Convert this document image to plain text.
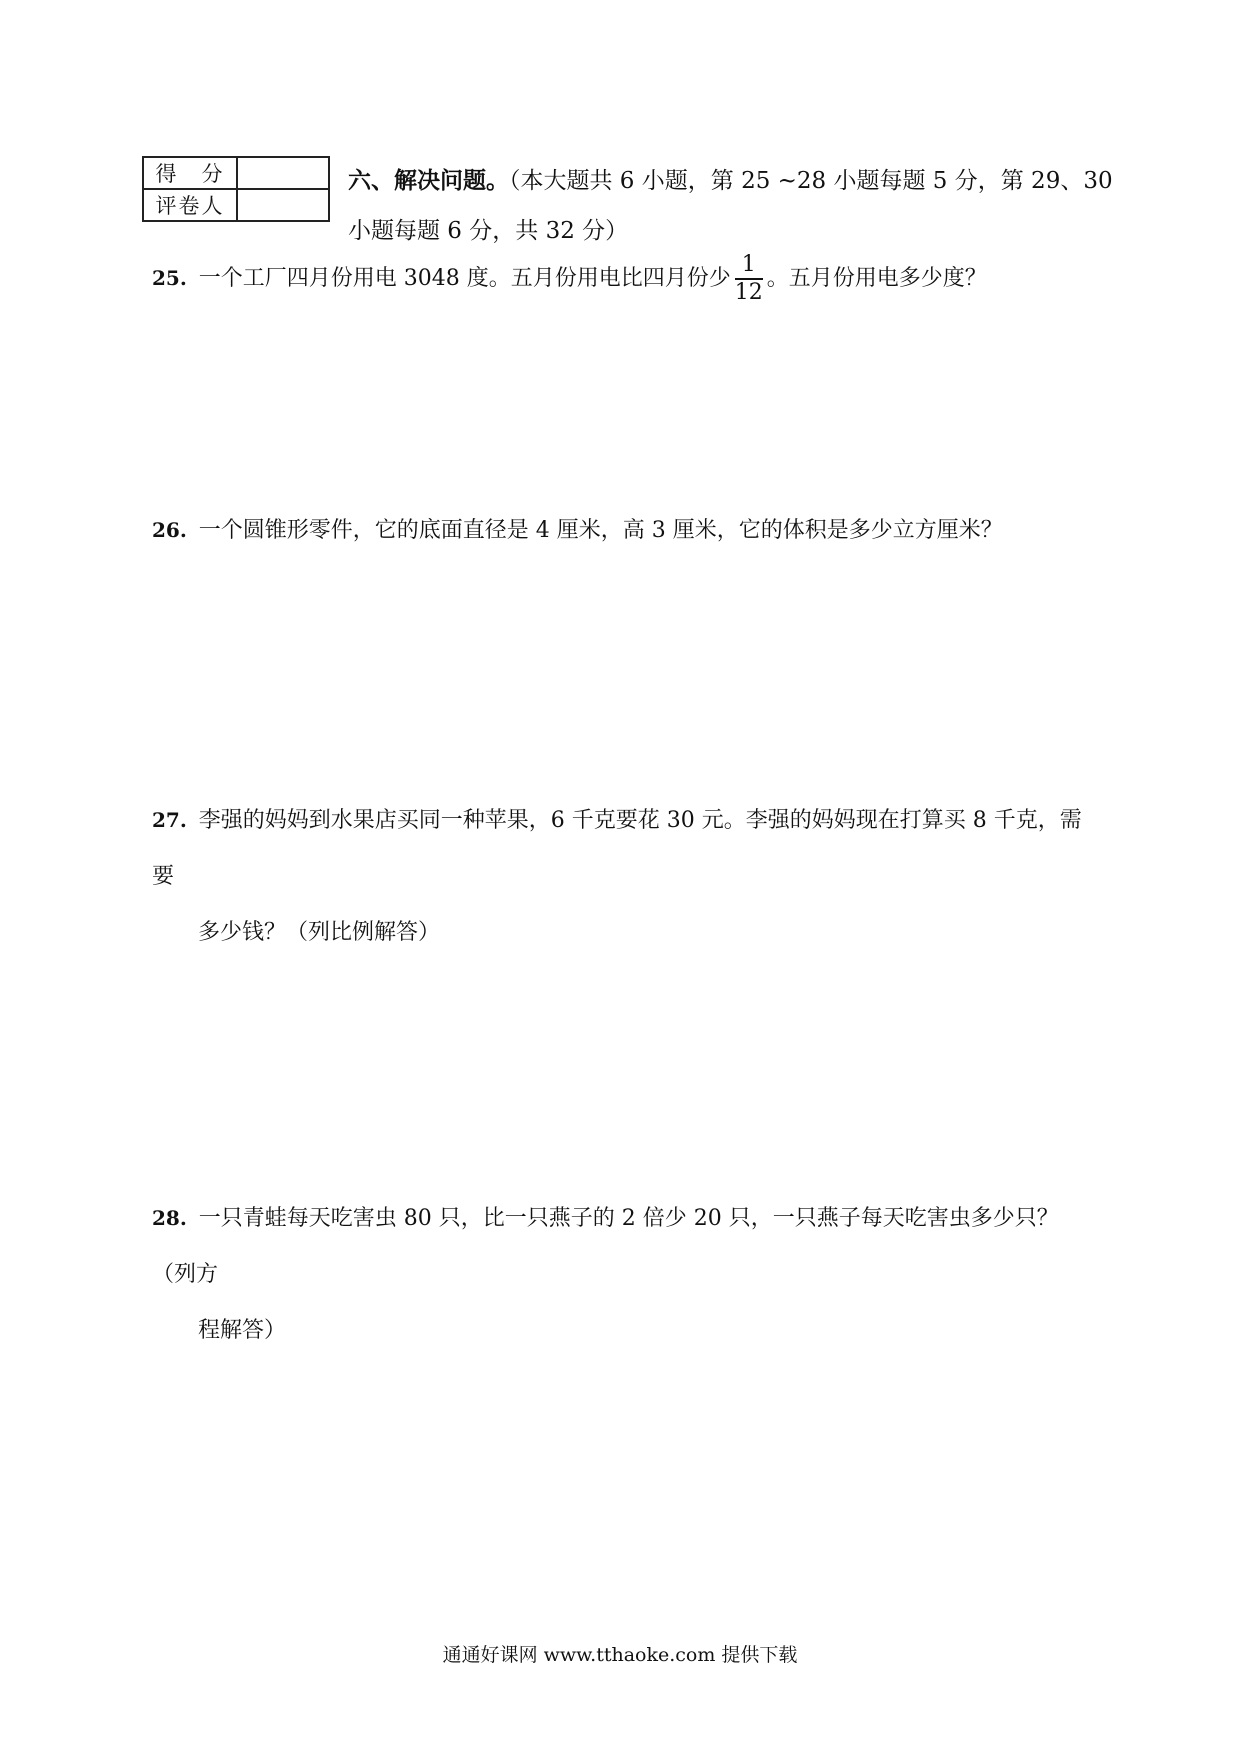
得　分	
评卷人	
六、解决问题。（本大题共 6 小题，第 25 ~28 小题每题 5 分，第 29、30 小题每题 6 分，共 32 分）
25. 一个工厂四月份用电 3048 度。五月份用电比四月份少 $\frac{1}{12}$ 。五月份用电多少度？
26. 一个圆锥形零件，它的底面直径是 4 厘米，高 3 厘米，它的体积是多少立方厘米？
27. 李强的妈妈到水果店买同一种苹果，6 千克要花 30 元。李强的妈妈现在打算买 8 千克，需要
多少钱？（列比例解答）
28. 一只青蛙每天吃害虫 80 只，比一只燕子的 2 倍少 20 只，一只燕子每天吃害虫多少只？（列方
程解答）
通通好课网 www.tthaoke.com 提供下载
